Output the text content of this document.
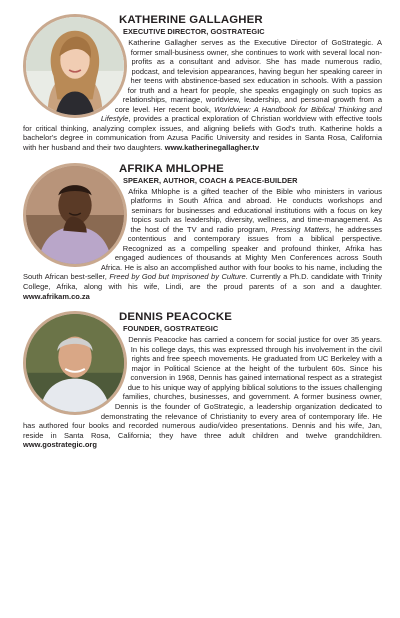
KATHERINE GALLAGHER
EXECUTIVE DIRECTOR, GOSTRATEGIC

Katherine Gallagher serves as the Executive Director of GoStrategic. A former small-business owner, she continues to work with several local non-profits as a consultant and advisor. She has made numerous radio, podcast, and television appearances, having begun her speaking career in her teens with abstinence-based sex education in schools. With a passion for truth and a heart for people, she speaks engagingly on such topics as relationships, marriage, worldview, leadership, and personal growth from a core level. Her recent book, Worldview: A Handbook for Biblical Thinking and Lifestyle, provides a practical exploration of Christian worldview with effective tools for critical thinking, analyzing complex issues, and aligning beliefs with God's truth. Katherine holds a bachelor's degree in communication from Azusa Pacific University and resides in Santa Rosa, California with her husband and their two daughters. www.katherinegallagher.tv

AFRIKA MHLOPHE
SPEAKER, AUTHOR, COACH & PEACE-BUILDER

Afrika Mhlophe is a gifted teacher of the Bible who ministers in various platforms in South Africa and abroad. He conducts workshops and seminars for businesses and educational institutions with a focus on key topics such as leadership, diversity, wellness, and time-management. As the host of the TV and radio program, Pressing Matters, he addresses contentious and contemporary issues from a biblical perspective. Recognized as a compelling speaker and profound thinker, Afrika has engaged audiences of thousands at Mighty Men Conferences across South Africa. He is also an accomplished author with four books to his name, including the South African best-seller, Freed by God but Imprisoned by Culture. Currently a Ph.D. candidate with Trinity College, Afrika, along with his wife, Lindi, are the proud parents of a son and a daughter. www.afrikam.co.za

DENNIS PEACOCKE
FOUNDER, GOSTRATEGIC

Dennis Peacocke has carried a concern for social justice for over 35 years. In his college days, this was expressed through his involvement in the civil rights and free speech movements. He graduated from UC Berkeley with a major in Political Science at the height of the turbulent 60s. Since his conversion in 1968, Dennis has gained international respect as a strategist due to his unique way of applying biblical solutions to the issues challenging families, churches, businesses, and government. A former business owner, Dennis is the founder of GoStrategic, a leadership organization dedicated to demonstrating the relevance of Christianity to every area of contemporary life. He has authored four books and recorded numerous audio/video presentations. Dennis and his wife, Jan, reside in Santa Rosa, California; they have three adult children and twelve grandchildren. www.gostrategic.org
